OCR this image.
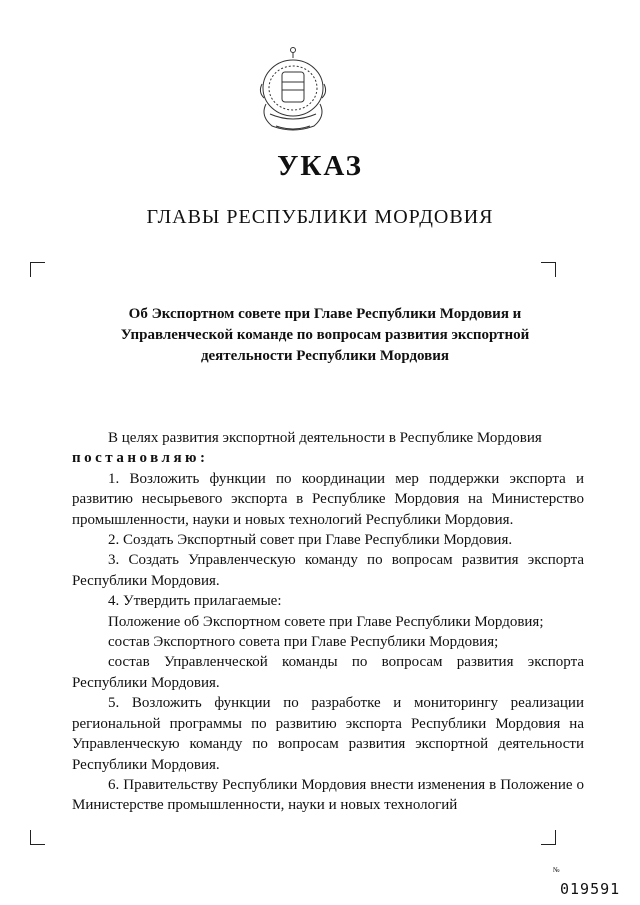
УКАЗ
ГЛАВЫ РЕСПУБЛИКИ МОРДОВИЯ
Об Экспортном совете при Главе Республики Мордовия и
Управленческой команде по вопросам развития экспортной
деятельности Республики Мордовия

В целях развития экспортной деятельности в Республике Мордовия

постановляю:

1. Возложить функции по координации мер поддержки экспорта и развитию несырьевого экспорта в Республике Мордовия на Министерство промышленности, науки и новых технологий Республики Мордовия.

2. Создать Экспортный совет при Главе Республики Мордовия.

3. Создать Управленческую команду по вопросам развития экспорта Республики Мордовия.

4. Утвердить прилагаемые:

Положение об Экспортном совете при Главе Республики Мордовия;

состав Экспортного совета при Главе Республики Мордовия;

состав Управленческой команды по вопросам развития экспорта Республики Мордовия.

5. Возложить функции по разработке и мониторингу реализации региональной программы по развитию экспорта Республики Мордовия на Управленческую команду по вопросам развития экспортной деятельности Республики Мордовия.

6. Правительству Республики Мордовия внести изменения в Положение о Министерстве промышленности, науки и новых технологий

№
019591
